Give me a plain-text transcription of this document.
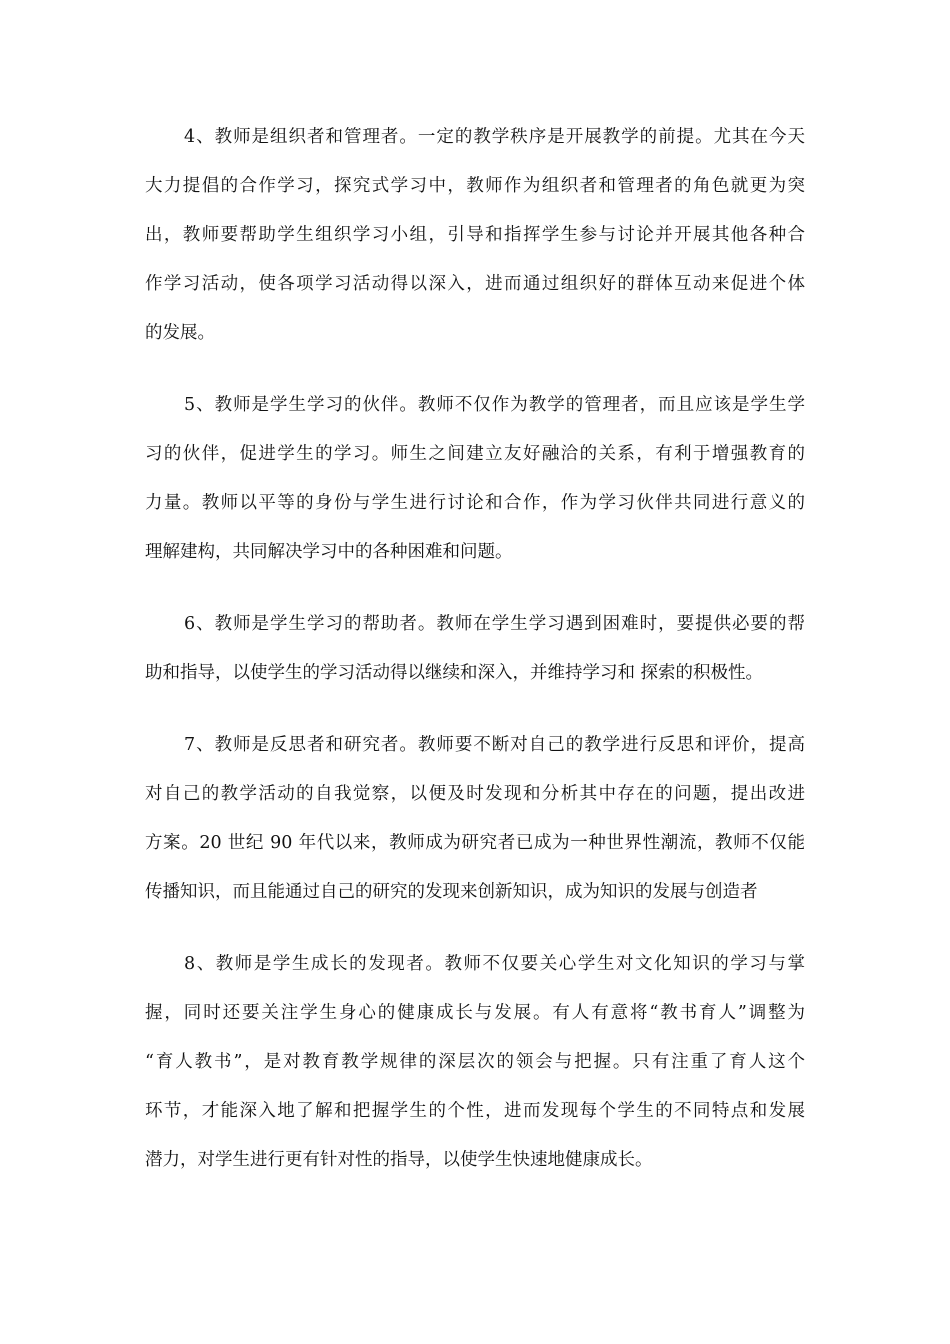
4、教师是组织者和管理者。一定的教学秩序是开展教学的前提。尤其在今天
大力提倡的合作学习，探究式学习中，教师作为组织者和管理者的角色就更为突
出，教师要帮助学生组织学习小组，引导和指挥学生参与讨论并开展其他各种合
作学习活动，使各项学习活动得以深入，进而通过组织好的群体互动来促进个体
的发展。

5、教师是学生学习的伙伴。教师不仅作为教学的管理者，而且应该是学生学
习的伙伴，促进学生的学习。师生之间建立友好融洽的关系，有利于增强教育的
力量。教师以平等的身份与学生进行讨论和合作，作为学习伙伴共同进行意义的
理解建构，共同解决学习中的各种困难和问题。

6、教师是学生学习的帮助者。教师在学生学习遇到困难时，要提供必要的帮
助和指导，以使学生的学习活动得以继续和深入，并维持学习和 探索的积极性。

7、教师是反思者和研究者。教师要不断对自己的教学进行反思和评价，提高
对自己的教学活动的自我觉察，以便及时发现和分析其中存在的问题，提出改进
方案。20 世纪 90 年代以来，教师成为研究者已成为一种世界性潮流，教师不仅能
传播知识，而且能通过自己的研究的发现来创新知识，成为知识的发展与创造者

8、教师是学生成长的发现者。教师不仅要关心学生对文化知识的学习与掌
握，同时还要关注学生身心的健康成长与发展。有人有意将“教书育人”调整为
“育人教书”，是对教育教学规律的深层次的领会与把握。只有注重了育人这个
环节，才能深入地了解和把握学生的个性，进而发现每个学生的不同特点和发展
潜力，对学生进行更有针对性的指导，以使学生快速地健康成长。
